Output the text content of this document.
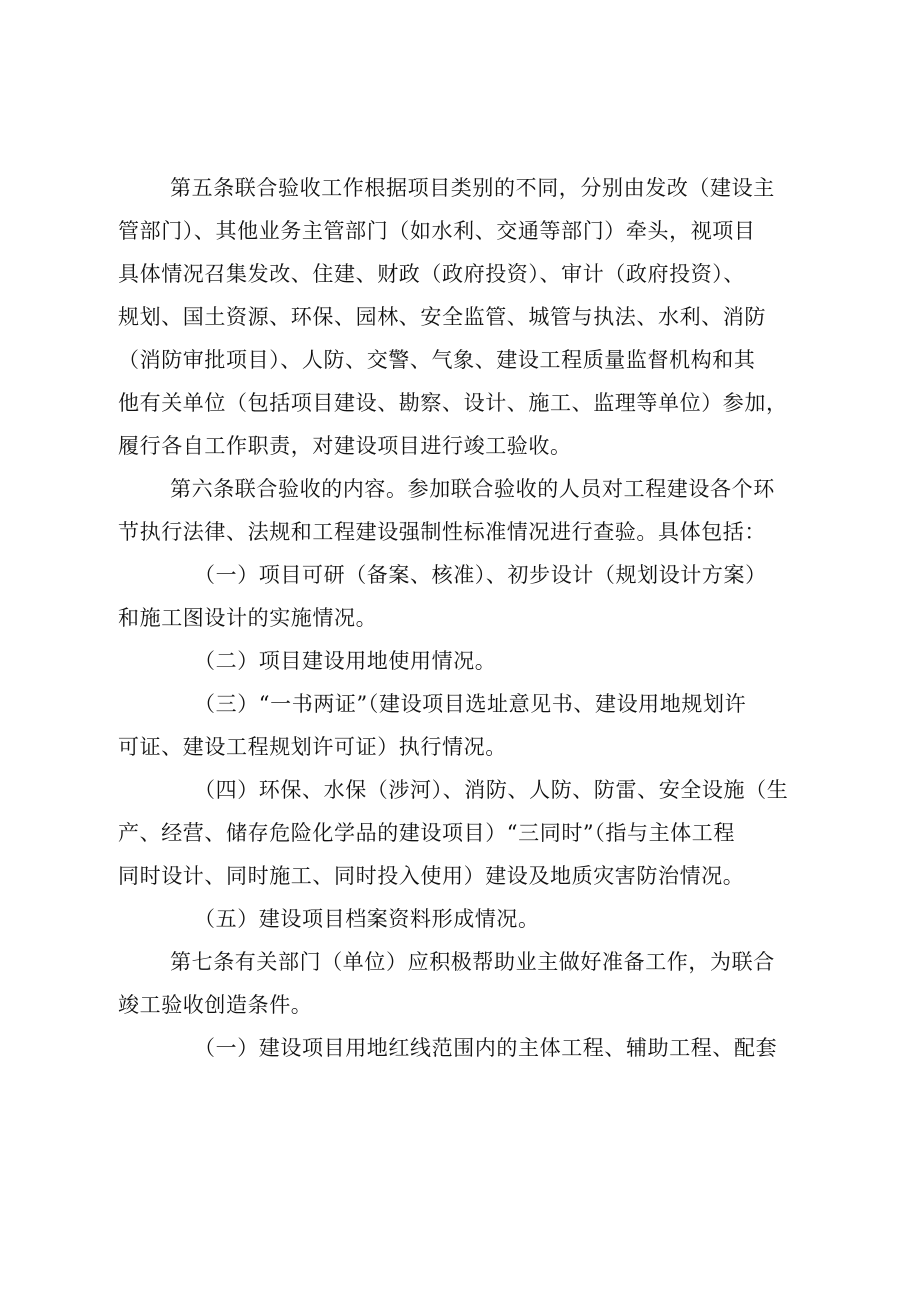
第五条联合验收工作根据项目类别的不同，分别由发改（建设主
管部门）、其他业务主管部门（如水利、交通等部门）牵头，视项目
具体情况召集发改、住建、财政（政府投资）、审计（政府投资）、
规划、国土资源、环保、园林、安全监管、城管与执法、水利、消防
（消防审批项目）、人防、交警、气象、建设工程质量监督机构和其
他有关单位（包括项目建设、勘察、设计、施工、监理等单位）参加，
履行各自工作职责，对建设项目进行竣工验收。
第六条联合验收的内容。参加联合验收的人员对工程建设各个环
节执行法律、法规和工程建设强制性标准情况进行查验。具体包括：
（一）项目可研（备案、核准）、初步设计（规划设计方案）
和施工图设计的实施情况。
（二）项目建设用地使用情况。
（三）“一书两证”（建设项目选址意见书、建设用地规划许
可证、建设工程规划许可证）执行情况。
（四）环保、水保（涉河）、消防、人防、防雷、安全设施（生
产、经营、储存危险化学品的建设项目）“三同时”（指与主体工程
同时设计、同时施工、同时投入使用）建设及地质灾害防治情况。
（五）建设项目档案资料形成情况。
第七条有关部门（单位）应积极帮助业主做好准备工作，为联合
竣工验收创造条件。
（一）建设项目用地红线范围内的主体工程、辅助工程、配套
